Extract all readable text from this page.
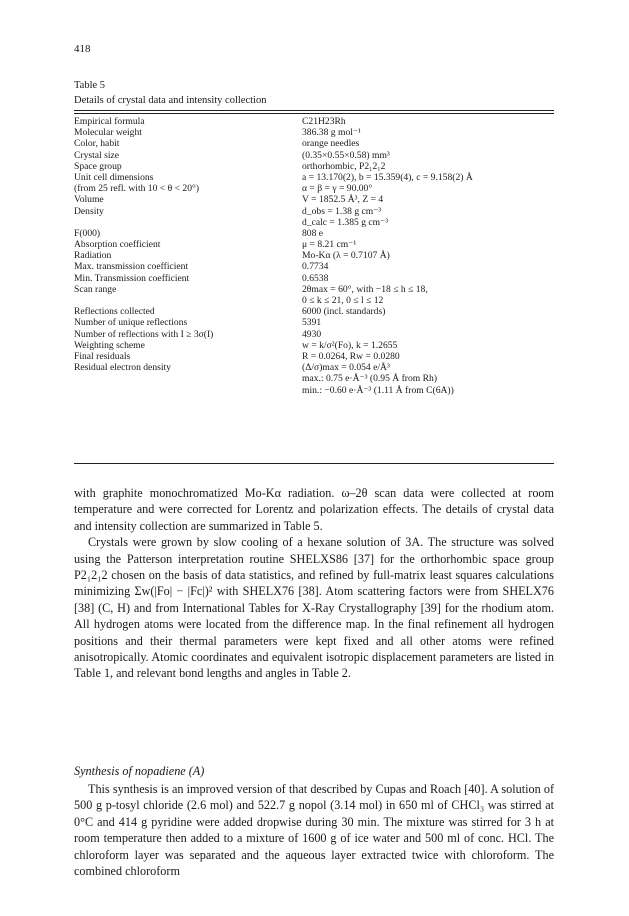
418
Table 5
Details of crystal data and intensity collection
Empirical formula	C21H23Rh
Molecular weight	386.38 g mol⁻¹
Color, habit	orange needles
Crystal size	(0.35×0.55×0.58) mm³
Space group	orthorhombic, P2₁2₁2
Unit cell dimensions	a = 13.170(2), b = 15.359(4), c = 9.158(2) Å
(from 25 refl. with 10 < θ < 20°)	α = β = γ = 90.00°
Volume	V = 1852.5 Å³, Z = 4
Density	d_obs = 1.38 g cm⁻³
d_calc = 1.385 g cm⁻³
F(000)	808 e
Absorption coefficient	μ = 8.21 cm⁻¹
Radiation	Mo-Kα (λ = 0.7107 Å)
Max. transmission coefficient	0.7734
Min. Transmission coefficient	0.6538
Scan range	2θmax = 60°, with −18 ≤ h ≤ 18,
0 ≤ k ≤ 21, 0 ≤ l ≤ 12
Reflections collected	6000 (incl. standards)
Number of unique reflections	5391
Number of reflections with I ≥ 3σ(I)	4930
Weighting scheme	w = k/σ²(Fo), k = 1.2655
Final residuals	R = 0.0264, Rw = 0.0280
Residual electron density	(Δ/σ)max = 0.054 e/Å³
max.: 0.75 e·Å⁻³ (0.95 Å from Rh)
min.: −0.60 e·Å⁻³ (1.11 Å from C(6A))

with graphite monochromatized Mo-Kα radiation. ω–2θ scan data were collected at room temperature and were corrected for Lorentz and polarization effects. The details of crystal data and intensity collection are summarized in Table 5.

Crystals were grown by slow cooling of a hexane solution of 3A. The structure was solved using the Patterson interpretation routine SHELXS86 [37] for the orthorhombic space group P2₁2₁2 chosen on the basis of data statistics, and refined by full-matrix least squares calculations minimizing Σw(|Fo| − |Fc|)² with SHELX76 [38]. Atom scattering factors were from SHELX76 [38] (C, H) and from International Tables for X-Ray Crystallography [39] for the rhodium atom. All hydrogen atoms were located from the difference map. In the final refinement all hydrogen positions and their thermal parameters were kept fixed and all other atoms were refined anisotropically. Atomic coordinates and equivalent isotropic displacement parameters are listed in Table 1, and relevant bond lengths and angles in Table 2.

Synthesis of nopadiene (A)

This synthesis is an improved version of that described by Cupas and Roach [40]. A solution of 500 g p-tosyl chloride (2.6 mol) and 522.7 g nopol (3.14 mol) in 650 ml of CHCl₃ was stirred at 0°C and 414 g pyridine were added dropwise during 30 min. The mixture was stirred for 3 h at room temperature then added to a mixture of 1600 g of ice water and 500 ml of conc. HCl. The chloroform layer was separated and the aqueous layer extracted twice with chloroform. The combined chloroform
